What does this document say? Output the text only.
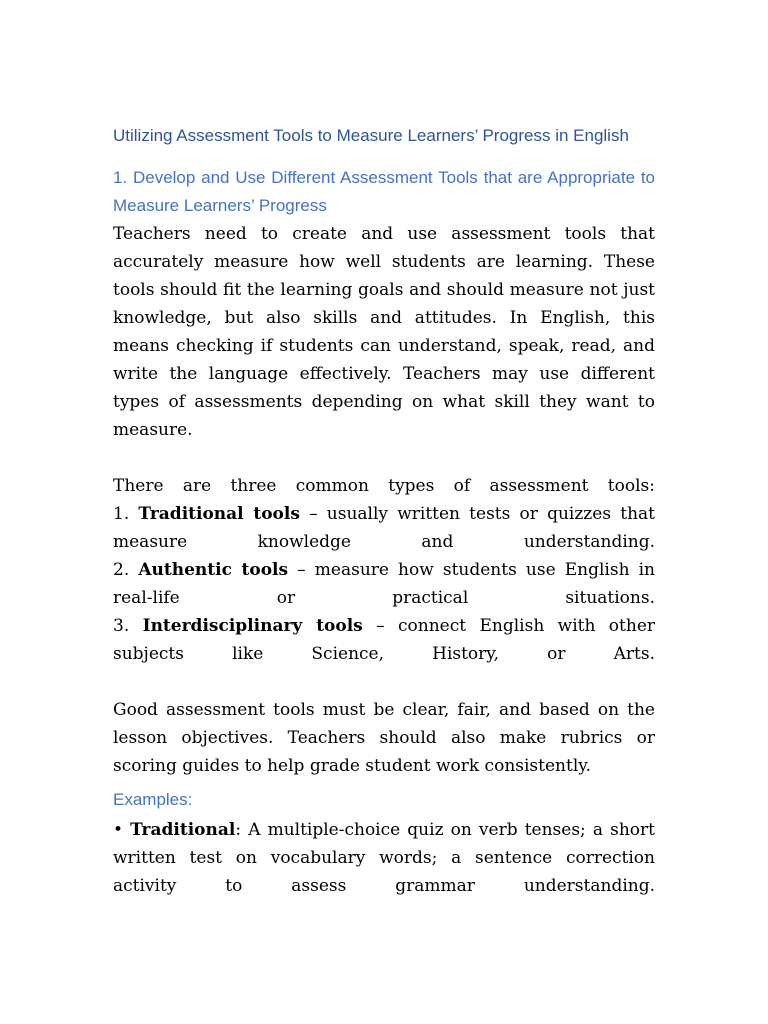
Utilizing Assessment Tools to Measure Learners’ Progress in English

1. Develop and Use Different Assessment Tools that are Appropriate to Measure Learners’ Progress

Teachers need to create and use assessment tools that accurately measure how well students are learning. These tools should fit the learning goals and should measure not just knowledge, but also skills and attitudes. In English, this means checking if students can understand, speak, read, and write the language effectively. Teachers may use different types of assessments depending on what skill they want to measure.

There are three common types of assessment tools:

1. Traditional tools – usually written tests or quizzes that measure knowledge and understanding.

2. Authentic tools – measure how students use English in real-life or practical situations.

3. Interdisciplinary tools – connect English with other subjects like Science, History, or Arts.

Good assessment tools must be clear, fair, and based on the lesson objectives. Teachers should also make rubrics or scoring guides to help grade student work consistently.

Examples:

• Traditional: A multiple-choice quiz on verb tenses; a short written test on vocabulary words; a sentence correction activity to assess grammar understanding.
